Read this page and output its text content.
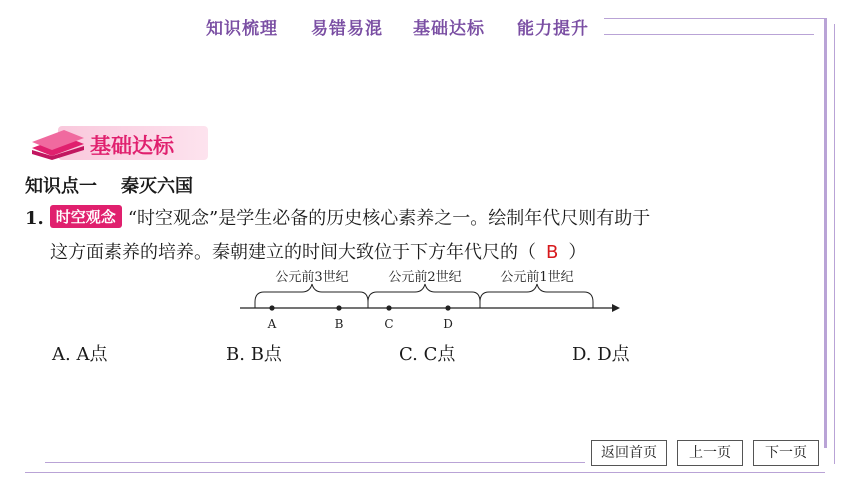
知识梳理 易错易混 基础达标 能力提升
基础达标
知识点一 秦灭六国
1. 时空观念 “时空观念”是学生必备的历史核心素养之一。绘制年代尺则有助于
这方面素养的培养。秦朝建立的时间大致位于下方年代尺的（ B ）
公元前3世纪	公元前2世纪	公元前1世纪
A	B	C	D
A. A点	B. B点	C. C点	D. D点
返回首页	上一页	下一页
